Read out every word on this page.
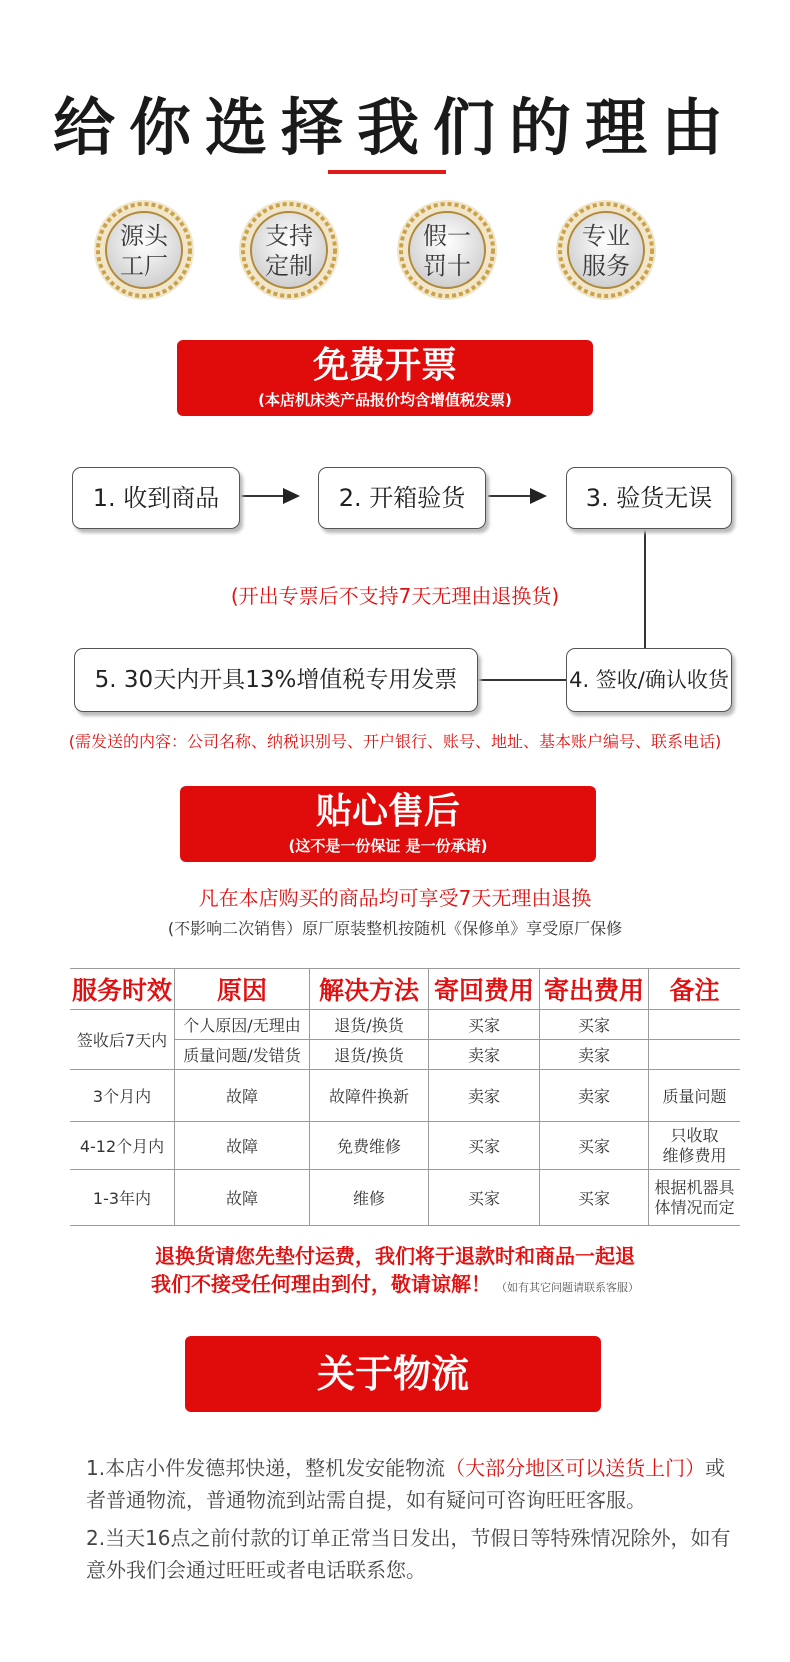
给你选择我们的理由
源头
工厂
支持
定制
假一
罚十
专业
服务
免费开票
(本店机床类产品报价均含增值税发票)
1. 收到商品	2. 开箱验货	3. 验货无误
(开出专票后不支持7天无理由退换货)
4. 签收/确认收货
5. 30天内开具13%增值税专用发票
(需发送的内容：公司名称、纳税识别号、开户银行、账号、地址、基本账户编号、联系电话)
贴心售后
(这不是一份保证 是一份承诺)
凡在本店购买的商品均可享受7天无理由退换
(不影响二次销售）原厂原装整机按随机《保修单》享受原厂保修
服务时效	原因	解决方法	寄回费用	寄出费用	备注
签收后7天内	个人原因/无理由	退货/换货	买家	买家	
	质量问题/发错货	退货/换货	卖家	卖家	
3个月内	故障	故障件换新	卖家	卖家	质量问题
4-12个月内	故障	免费维修	买家	买家	只收取
维修费用
1-3年内	故障	维修	买家	买家	根据机器具
体情况而定
退换货请您先垫付运费，我们将于退款时和商品一起退
我们不接受任何理由到付，敬请谅解！ （如有其它问题请联系客服）
关于物流
1.本店小件发德邦快递，整机发安能物流（大部分地区可以送货上门）或者普通物流，普通物流到站需自提，如有疑问可咨询旺旺客服。
2.当天16点之前付款的订单正常当日发出，节假日等特殊情况除外，如有意外我们会通过旺旺或者电话联系您。
